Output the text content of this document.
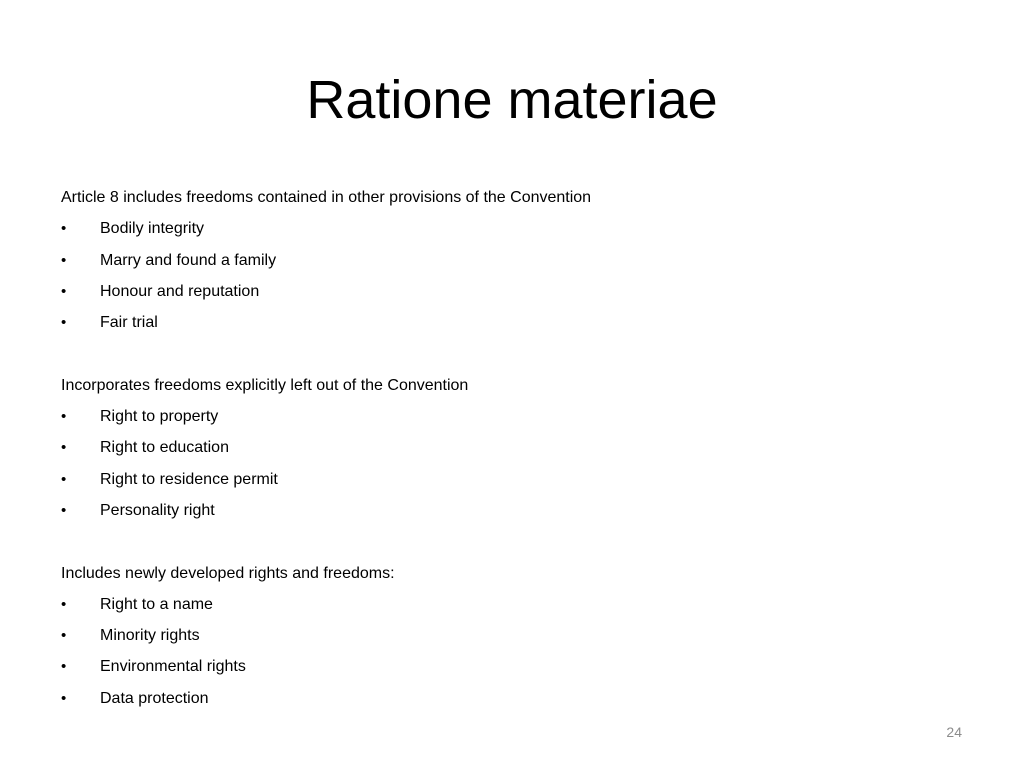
Ratione materiae
Article 8 includes freedoms contained in other provisions of the Convention
• Bodily integrity
• Marry and found a family
• Honour and reputation
• Fair trial
Incorporates freedoms explicitly left out of the Convention
• Right to property
• Right to education
• Right to residence permit
• Personality right
Includes newly developed rights and freedoms:
• Right to a name
• Minority rights
• Environmental rights
• Data protection
24
